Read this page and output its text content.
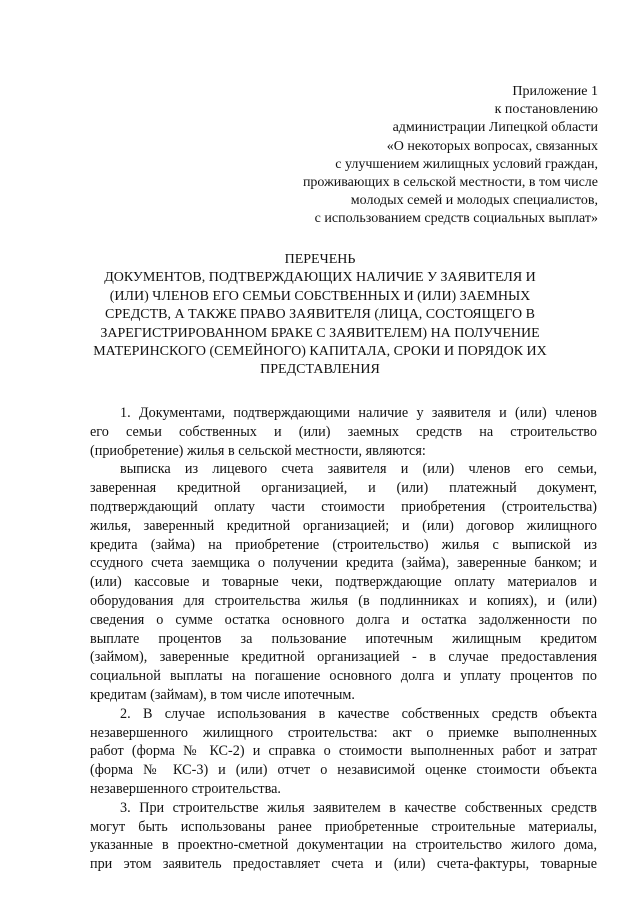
Приложение 1
к постановлению
администрации Липецкой области
«О некоторых вопросах, связанных
с улучшением жилищных условий граждан,
проживающих в сельской местности, в том числе
молодых семей и молодых специалистов,
с использованием средств социальных выплат»
ПЕРЕЧЕНЬ
ДОКУМЕНТОВ, ПОДТВЕРЖДАЮЩИХ НАЛИЧИЕ У ЗАЯВИТЕЛЯ И
(ИЛИ) ЧЛЕНОВ ЕГО СЕМЬИ СОБСТВЕННЫХ И (ИЛИ) ЗАЕМНЫХ
СРЕДСТВ, А ТАКЖЕ ПРАВО ЗАЯВИТЕЛЯ (ЛИЦА, СОСТОЯЩЕГО В
ЗАРЕГИСТРИРОВАННОМ БРАКЕ С ЗАЯВИТЕЛЕМ) НА ПОЛУЧЕНИЕ
МАТЕРИНСКОГО (СЕМЕЙНОГО) КАПИТАЛА, СРОКИ И ПОРЯДОК ИХ
ПРЕДСТАВЛЕНИЯ
1. Документами, подтверждающими наличие у заявителя и (или) членов
его семьи собственных и (или) заемных средств на строительство
(приобретение) жилья в сельской местности, являются:
выписка из лицевого счета заявителя и (или) членов его семьи,
заверенная кредитной организацией, и (или) платежный документ,
подтверждающий оплату части стоимости приобретения (строительства)
жилья, заверенный кредитной организацией; и (или) договор жилищного
кредита (займа) на приобретение (строительство) жилья с выпиской из
ссудного счета заемщика о получении кредита (займа), заверенные банком; и
(или) кассовые и товарные чеки, подтверждающие оплату материалов и
оборудования для строительства жилья (в подлинниках и копиях), и (или)
сведения о сумме остатка основного долга и остатка задолженности по
выплате процентов за пользование ипотечным жилищным кредитом
(займом), заверенные кредитной организацией - в случае предоставления
социальной выплаты на погашение основного долга и уплату процентов по
кредитам (займам), в том числе ипотечным.
2. В случае использования в качестве собственных средств объекта
незавершенного жилищного строительства: акт о приемке выполненных
работ (форма № КС-2) и справка о стоимости выполненных работ и затрат
(форма № КС-3) и (или) отчет о независимой оценке стоимости объекта
незавершенного строительства.
3. При строительстве жилья заявителем в качестве собственных средств
могут быть использованы ранее приобретенные строительные материалы,
указанные в проектно-сметной документации на строительство жилого дома,
при этом заявитель предоставляет счета и (или) счета-фактуры, товарные
